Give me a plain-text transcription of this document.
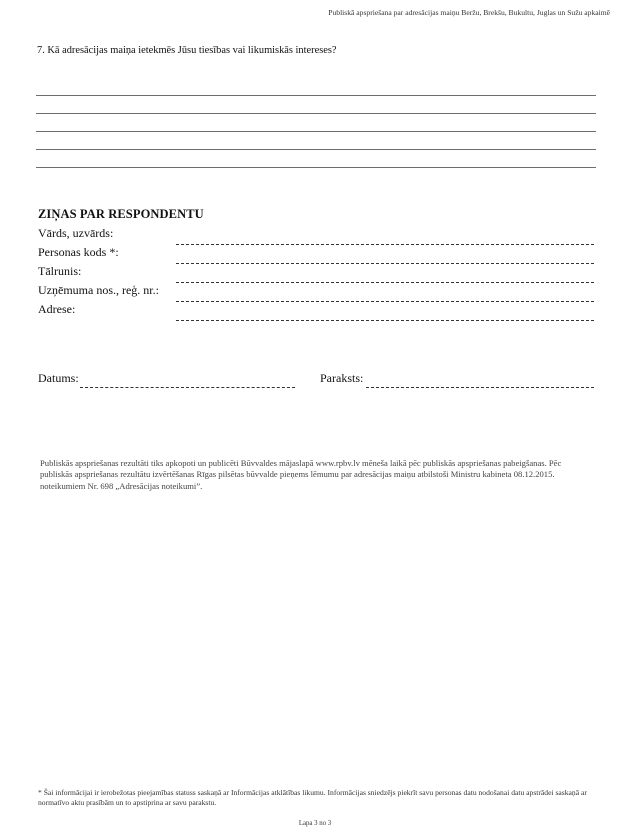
Publiskā apspriešana par adresācijas maiņu Beržu, Brekšu, Bukultu, Juglas un Sužu apkaimē
7. Kā adresācijas maiņa ietekmēs Jūsu tiesības vai likumiskās intereses?
ZIŅAS PAR RESPONDENTU
Vārds, uzvārds:
Personas kods *:
Tālrunis:
Uzņēmuma nos., reģ. nr.:
Adrese:
Datums:	Paraksts:
Publiskās apspriešanas rezultāti tiks apkopoti un publicēti Būvvaldes mājaslapā www.rpbv.lv mēneša laikā pēc publiskās apspriešanas pabeigšanas. Pēc publiskās apspriešanas rezultātu izvērtēšanas Rīgas pilsētas būvvalde pieņems lēmumu par adresācijas maiņu atbilstoši Ministru kabineta 08.12.2015. noteikumiem Nr. 698 „Adresācijas noteikumi”.
* Šai informācijai ir ierobežotas pieejamības statuss saskaņā ar Informācijas atklātības likumu. Informācijas sniedzējs piekrīt savu personas datu nodošanai datu apstrādei saskaņā ar normatīvo aktu prasībām un to apstiprina ar savu parakstu.
Lapa 3 no 3
